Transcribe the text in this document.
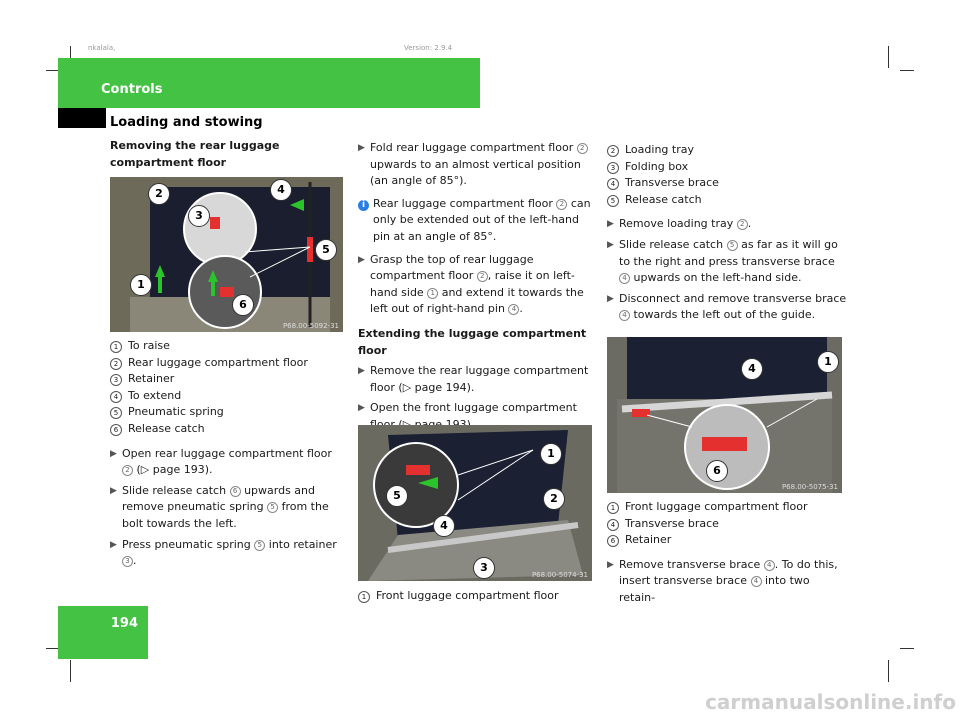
nkalala,	Version: 2.9.4
Controls
Loading and stowing

Removing the rear luggage compartment floor

2
3
4
5
1
6
P68.00-5092-31
1 To raise
2 Rear luggage compartment floor
3 Retainer
4 To extend
5 Pneumatic spring
6 Release catch
▶ Open rear luggage compartment floor 2 (▷ page 193).
▶ Slide release catch 6 upwards and remove pneumatic spring 5 from the bolt towards the left.
▶ Press pneumatic spring 5 into retainer 3 .
▶ Fold rear luggage compartment floor 2 upwards to an almost vertical position (an angle of 85°).
i Rear luggage compartment floor 2 can only be extended out of the left-hand pin at an angle of 85°.
▶ Grasp the top of rear luggage compartment floor 2 , raise it on left-hand side 1 and extend it towards the left out of right-hand pin 4 .

Extending the luggage compartment floor

▶ Remove the rear luggage compartment floor (▷ page 194).
▶ Open the front luggage compartment
1
2
5
4
3
P68.00-5074-31
1 Front luggage compartment floor
2 Loading tray
3 Folding box
4 Transverse brace
5 Release catch
▶ Remove loading tray 2 .
▶ Slide release catch 5 as far as it will go to the right and press transverse brace 4 upwards on the left-hand side.
▶ Disconnect and remove transverse brace 4 towards the left out of the guide.
1
4
6
P68.00-5075-31
1 Front luggage compartment floor
4 Transverse brace
6 Retainer
▶ Remove transverse brace 4 . To do this, insert transverse brace 4 into two retain-
194
carmanualsonline.info
